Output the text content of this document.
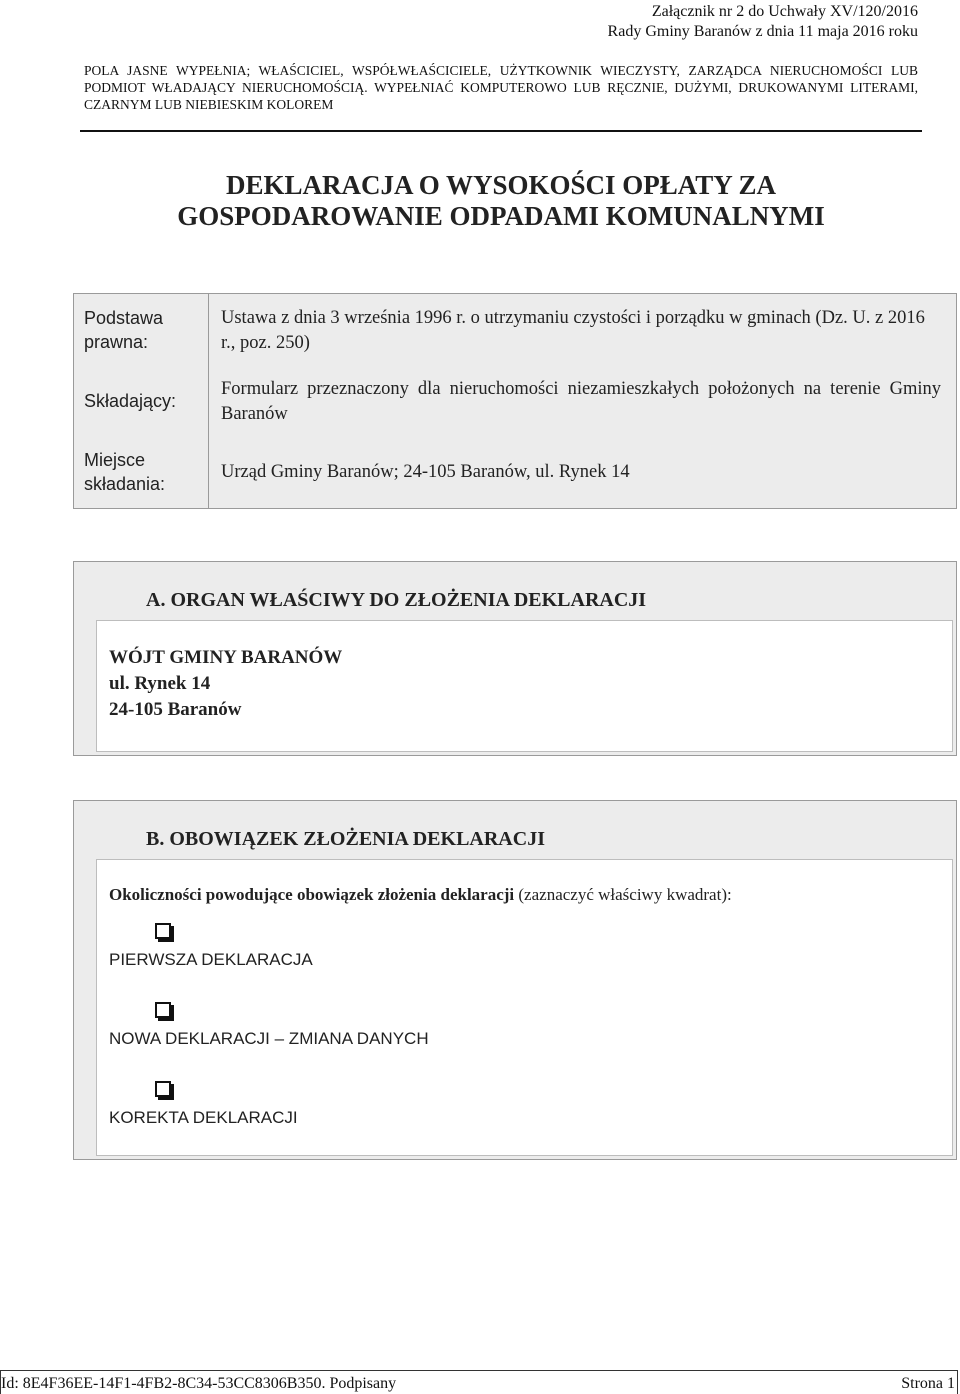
Załącznik nr 2 do Uchwały XV/120/2016
Rady Gminy Baranów z dnia 11 maja 2016 roku
POLA JASNE WYPEŁNIA; WŁAŚCICIEL, WSPÓŁWŁAŚCICIELE, UŻYTKOWNIK WIECZYSTY, ZARZĄDCA NIERUCHOMOŚCI LUB PODMIOT WŁADAJĄCY NIERUCHOMOŚCIĄ. WYPEŁNIAĆ KOMPUTEROWO LUB RĘCZNIE, DUŻYMI, DRUKOWANYMI LITERAMI, CZARNYM LUB NIEBIESKIM KOLOREM
DEKLARACJA O WYSOKOŚCI OPŁATY ZA
GOSPODAROWANIE ODPADAMI KOMUNALNYMI
Podstawa
prawna:
Ustawa z dnia 3 września 1996 r. o utrzymaniu czystości i porządku w gminach (Dz. U. z 2016 r., poz. 250)
Składający:
Formularz przeznaczony dla nieruchomości niezamieszkałych położonych na terenie Gminy Baranów
Miejsce
składania:
Urząd Gminy Baranów; 24-105 Baranów, ul. Rynek 14
A. ORGAN WŁAŚCIWY DO ZŁOŻENIA DEKLARACJI
WÓJT GMINY BARANÓW
ul. Rynek 14
24-105 Baranów
B. OBOWIĄZEK ZŁOŻENIA DEKLARACJI
Okoliczności powodujące obowiązek złożenia deklaracji (zaznaczyć właściwy kwadrat):
PIERWSZA DEKLARACJA
NOWA DEKLARACJI – ZMIANA DANYCH
KOREKTA DEKLARACJI
Id: 8E4F36EE-14F1-4FB2-8C34-53CC8306B350. Podpisany	Strona 1
